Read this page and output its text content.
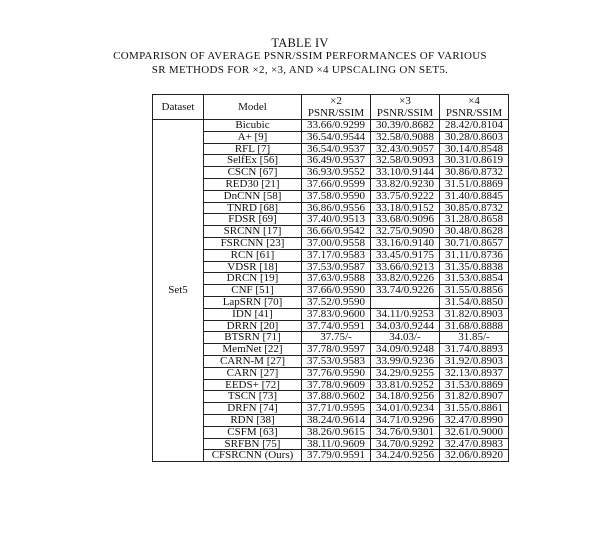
TABLE IV
COMPARISON OF AVERAGE PSNR/SSIM PERFORMANCES OF VARIOUS
SR METHODS FOR ×2, ×3, AND ×4 UPSCALING ON SET5.
Dataset	Model	×2	×3	×4
		PSNR/SSIM	PSNR/SSIM	PSNR/SSIM
Set5	Bicubic	33.66/0.9299	30.39/0.8682	28.42/0.8104
	A+ [9]	36.54/0.9544	32.58/0.9088	30.28/0.8603
	RFL [7]	36.54/0.9537	32.43/0.9057	30.14/0.8548
	SelfEx [56]	36.49/0.9537	32.58/0.9093	30.31/0.8619
	CSCN [67]	36.93/0.9552	33.10/0.9144	30.86/0.8732
	RED30 [21]	37.66/0.9599	33.82/0.9230	31.51/0.8869
	DnCNN [58]	37.58/0.9590	33.75/0.9222	31.40/0.8845
	TNRD [68]	36.86/0.9556	33.18/0.9152	30.85/0.8732
	FDSR [69]	37.40/0.9513	33.68/0.9096	31.28/0.8658
	SRCNN [17]	36.66/0.9542	32.75/0.9090	30.48/0.8628
	FSRCNN [23]	37.00/0.9558	33.16/0.9140	30.71/0.8657
	RCN [61]	37.17/0.9583	33.45/0.9175	31.11/0.8736
	VDSR [18]	37.53/0.9587	33.66/0.9213	31.35/0.8838
	DRCN [19]	37.63/0.9588	33.82/0.9226	31.53/0.8854
	CNF [51]	37.66/0.9590	33.74/0.9226	31.55/0.8856
	LapSRN [70]	37.52/0.9590		31.54/0.8850
	IDN [41]	37.83/0.9600	34.11/0.9253	31.82/0.8903
	DRRN [20]	37.74/0.9591	34.03/0.9244	31.68/0.8888
	BTSRN [71]	37.75/-	34.03/-	31.85/-
	MemNet [22]	37.78/0.9597	34.09/0.9248	31.74/0.8893
	CARN-M [27]	37.53/0.9583	33.99/0.9236	31.92/0.8903
	CARN [27]	37.76/0.9590	34.29/0.9255	32.13/0.8937
	EEDS+ [72]	37.78/0.9609	33.81/0.9252	31.53/0.8869
	TSCN [73]	37.88/0.9602	34.18/0.9256	31.82/0.8907
	DRFN [74]	37.71/0.9595	34.01/0.9234	31.55/0.8861
	RDN [38]	38.24/0.9614	34.71/0.9296	32.47/0.8990
	CSFM [63]	38.26/0.9615	34.76/0.9301	32.61/0.9000
	SRFBN [75]	38.11/0.9609	34.70/0.9292	32.47/0.8983
	CFSRCNN (Ours)	37.79/0.9591	34.24/0.9256	32.06/0.8920
